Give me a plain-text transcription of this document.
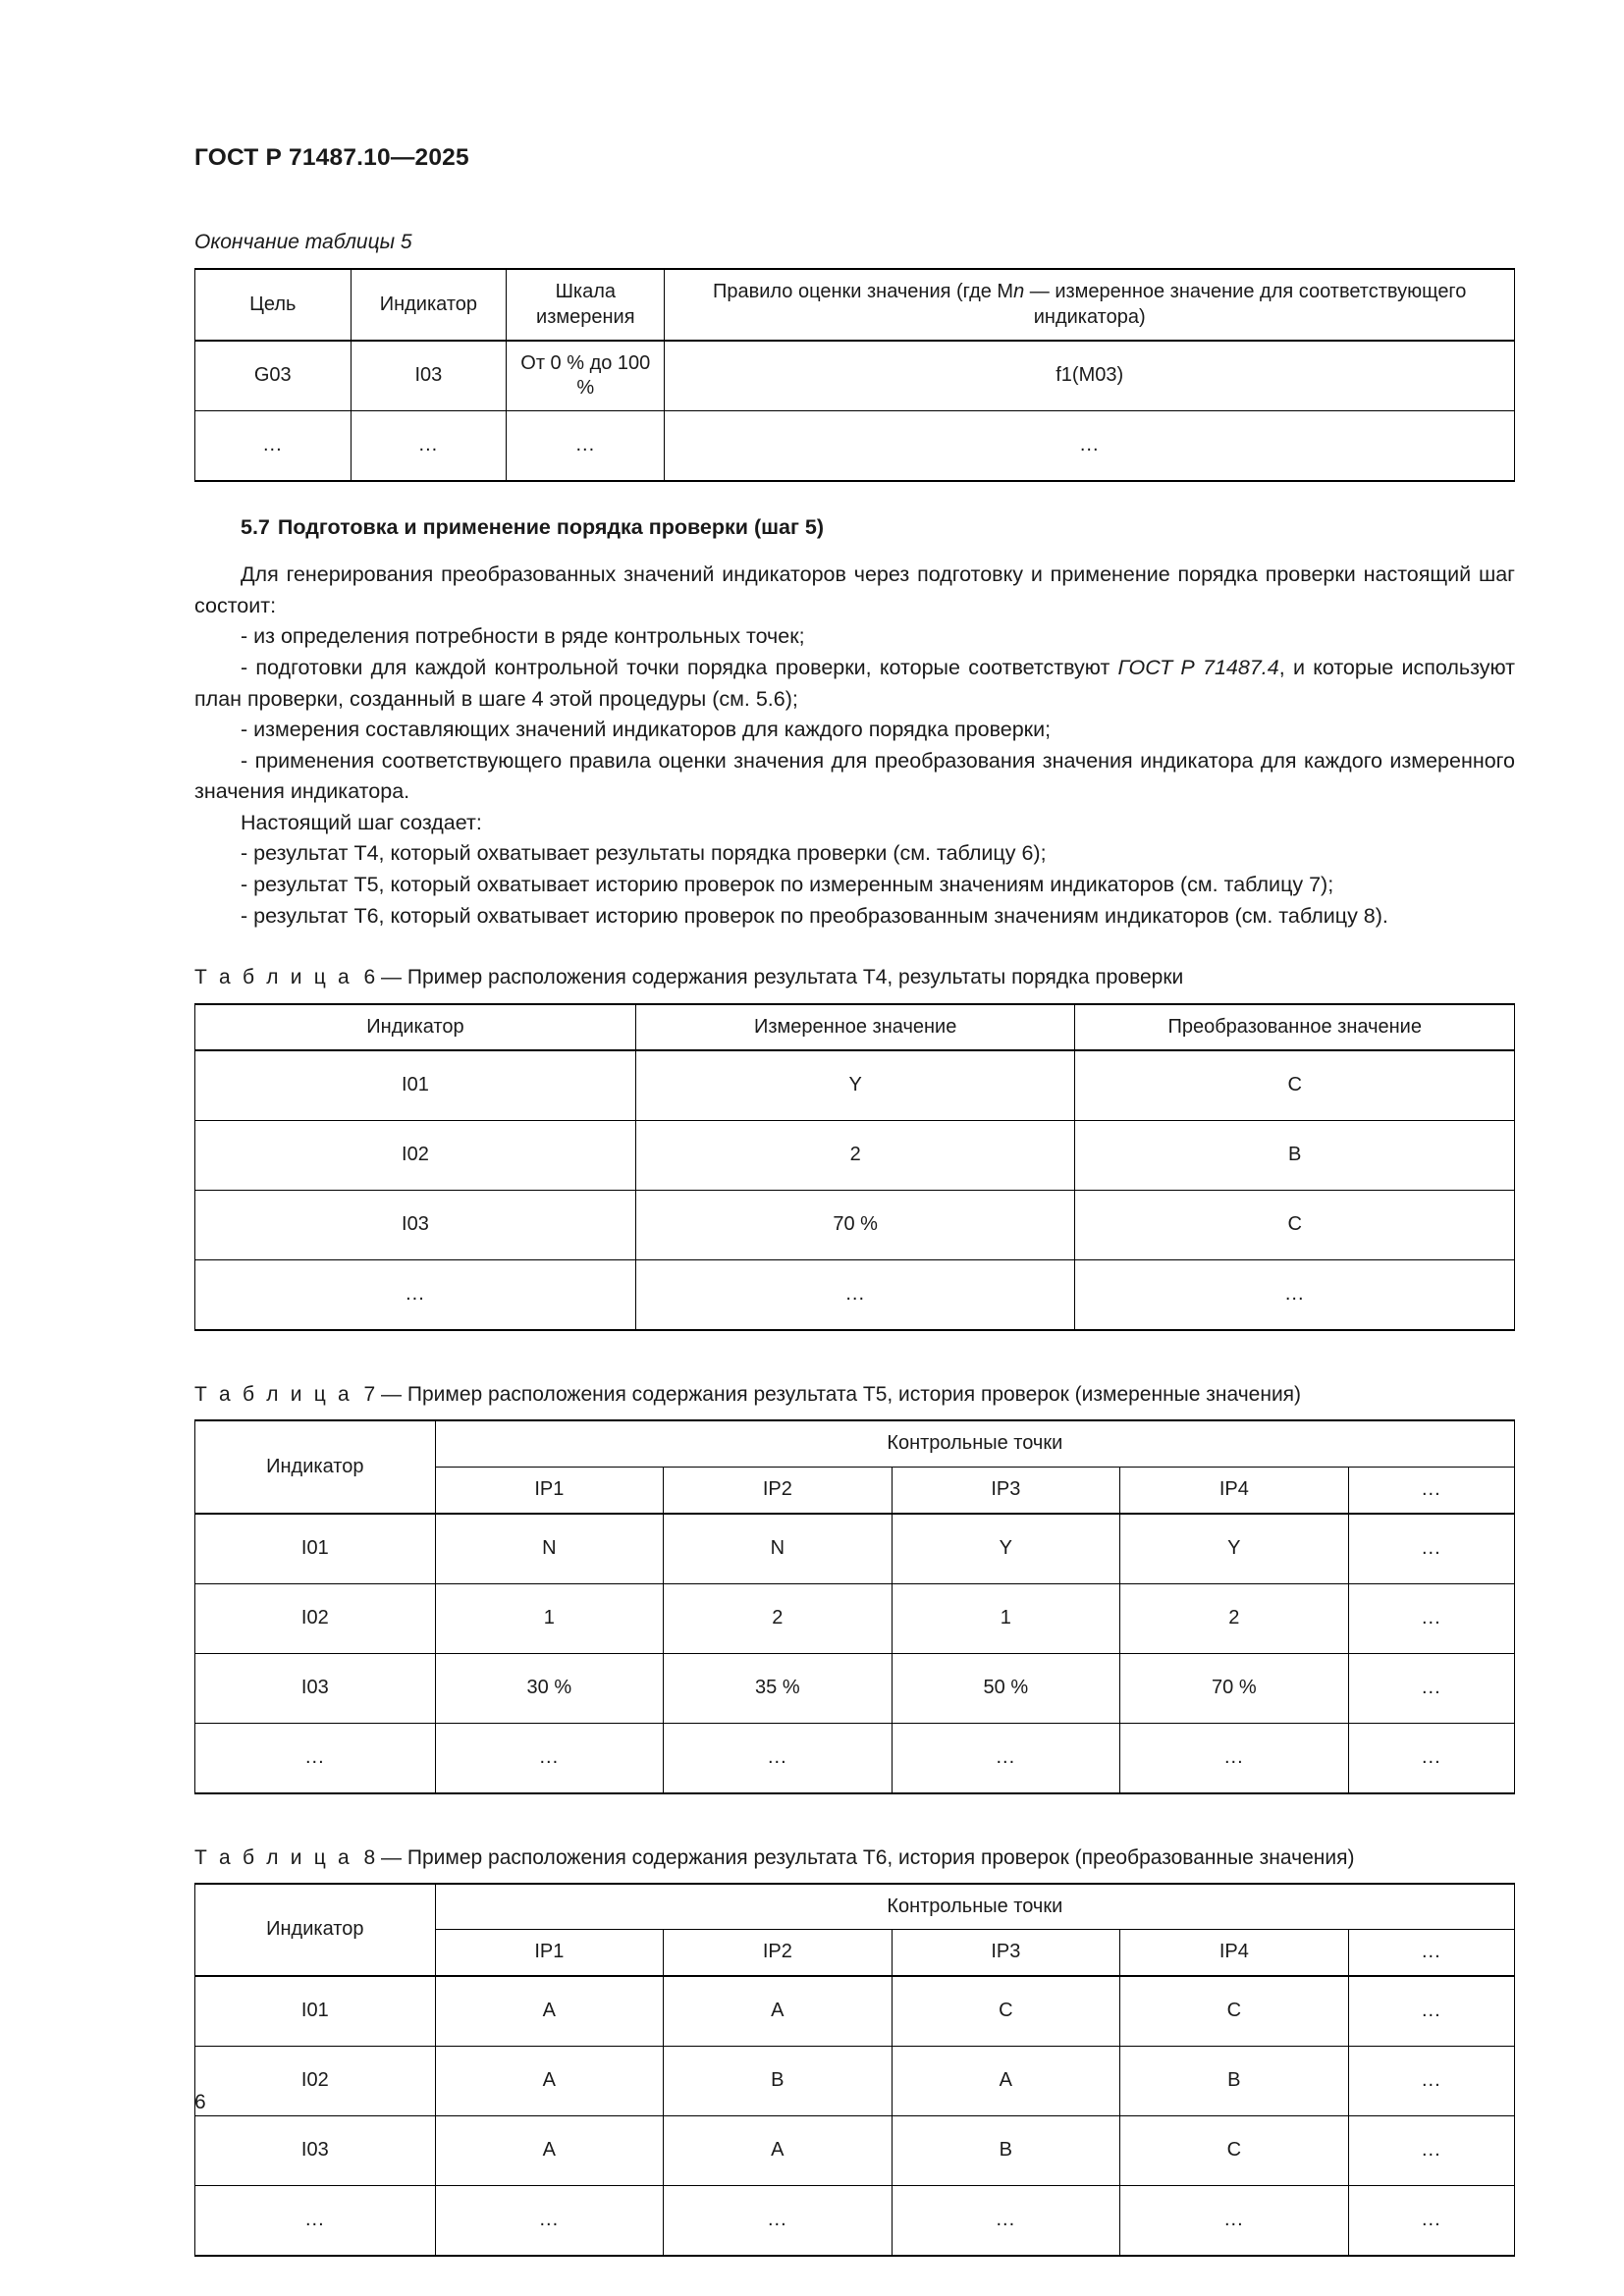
ГОСТ Р 71487.10—2025
Окончание таблицы 5
Цель	Индикатор	Шкала измерения	Правило оценки значения (где Мn — измеренное значение для соответствующего индикатора)
G03	I03	От 0 % до 100 %	f1(M03)
...	...	...	...
5.7 Подготовка и применение порядка проверки (шаг 5)

Для генерирования преобразованных значений индикаторов через подготовку и применение порядка проверки настоящий шаг состоит:

- из определения потребности в ряде контрольных точек;

- подготовки для каждой контрольной точки порядка проверки, которые соответствуют ГОСТ Р 71487.4, и которые используют план проверки, созданный в шаге 4 этой процедуры (см. 5.6);

- измерения составляющих значений индикаторов для каждого порядка проверки;

- применения соответствующего правила оценки значения для преобразования значения индикатора для каждого измеренного значения индикатора.

Настоящий шаг создает:

- результат Т4, который охватывает результаты порядка проверки (см. таблицу 6);

- результат Т5, который охватывает историю проверок по измеренным значениям индикаторов (см. таблицу 7);

- результат Т6, который охватывает историю проверок по преобразованным значениям индикаторов (см. таблицу 8).

Т а б л и ц а 6 — Пример расположения содержания результата Т4, результаты порядка проверки
Индикатор	Измеренное значение	Преобразованное значение
I01	Y	C
I02	2	B
I03	70 %	C
...	...	...
Т а б л и ц а 7 — Пример расположения содержания результата Т5, история проверок (измеренные значения)
Индикатор	Контрольные точки				
	IP1	IP2	IP3	IP4	...
I01	N	N	Y	Y	...
I02	1	2	1	2	...
I03	30 %	35 %	50 %	70 %	...
...	...	...	...	...	...
Т а б л и ц а 8 — Пример расположения содержания результата Т6, история проверок (преобразованные значения)
Индикатор	Контрольные точки				
	IP1	IP2	IP3	IP4	...
I01	A	A	C	C	...
I02	A	B	A	B	...
I03	A	A	B	C	...
...	...	...	...	...	...
6
